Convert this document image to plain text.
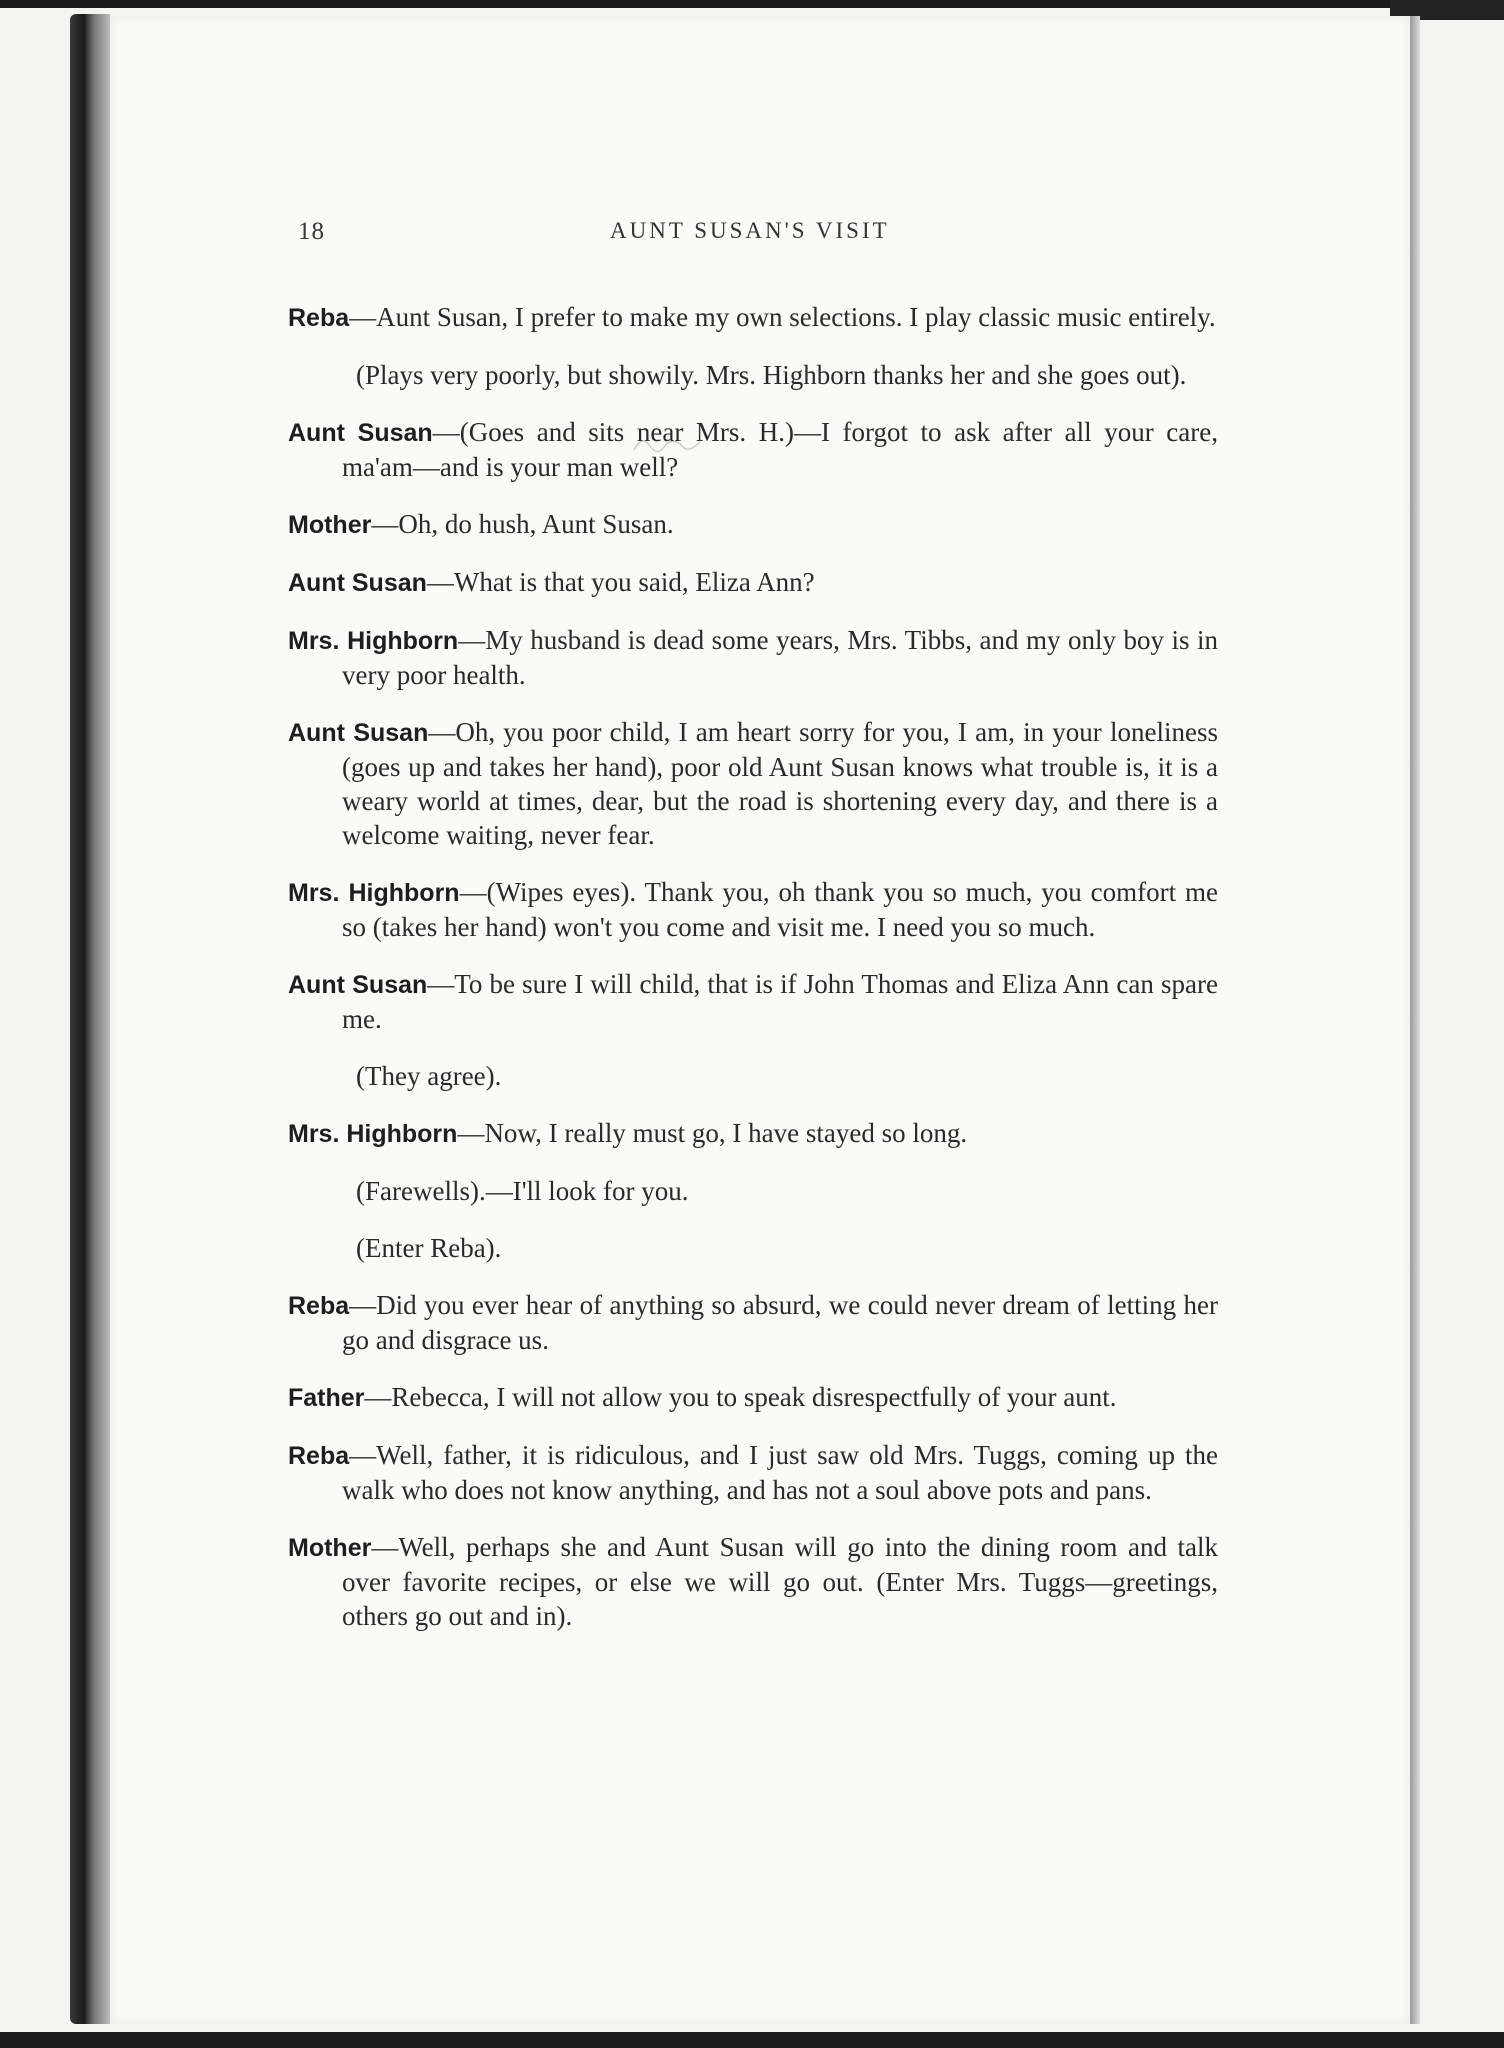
18	AUNT SUSAN'S VISIT

Reba—Aunt Susan, I prefer to make my own selections. I play classic music entirely.

(Plays very poorly, but showily. Mrs. Highborn thanks her and she goes out).

Aunt Susan—(Goes and sits near Mrs. H.)—I forgot to ask after all your care, ma'am—and is your man well?

Mother—Oh, do hush, Aunt Susan.

Aunt Susan—What is that you said, Eliza Ann?

Mrs. Highborn—My husband is dead some years, Mrs. Tibbs, and my only boy is in very poor health.

Aunt Susan—Oh, you poor child, I am heart sorry for you, I am, in your loneliness (goes up and takes her hand), poor old Aunt Susan knows what trouble is, it is a weary world at times, dear, but the road is shortening every day, and there is a welcome waiting, never fear.

Mrs. Highborn—(Wipes eyes). Thank you, oh thank you so much, you comfort me so (takes her hand) won't you come and visit me. I need you so much.

Aunt Susan—To be sure I will child, that is if John Thomas and Eliza Ann can spare me.

(They agree).

Mrs. Highborn—Now, I really must go, I have stayed so long.

(Farewells).—I'll look for you.

(Enter Reba).

Reba—Did you ever hear of anything so absurd, we could never dream of letting her go and disgrace us.

Father—Rebecca, I will not allow you to speak disrespectfully of your aunt.

Reba—Well, father, it is ridiculous, and I just saw old Mrs. Tuggs, coming up the walk who does not know anything, and has not a soul above pots and pans.

Mother—Well, perhaps she and Aunt Susan will go into the dining room and talk over favorite recipes, or else we will go out. (Enter Mrs. Tuggs—greetings, others go out and in).
